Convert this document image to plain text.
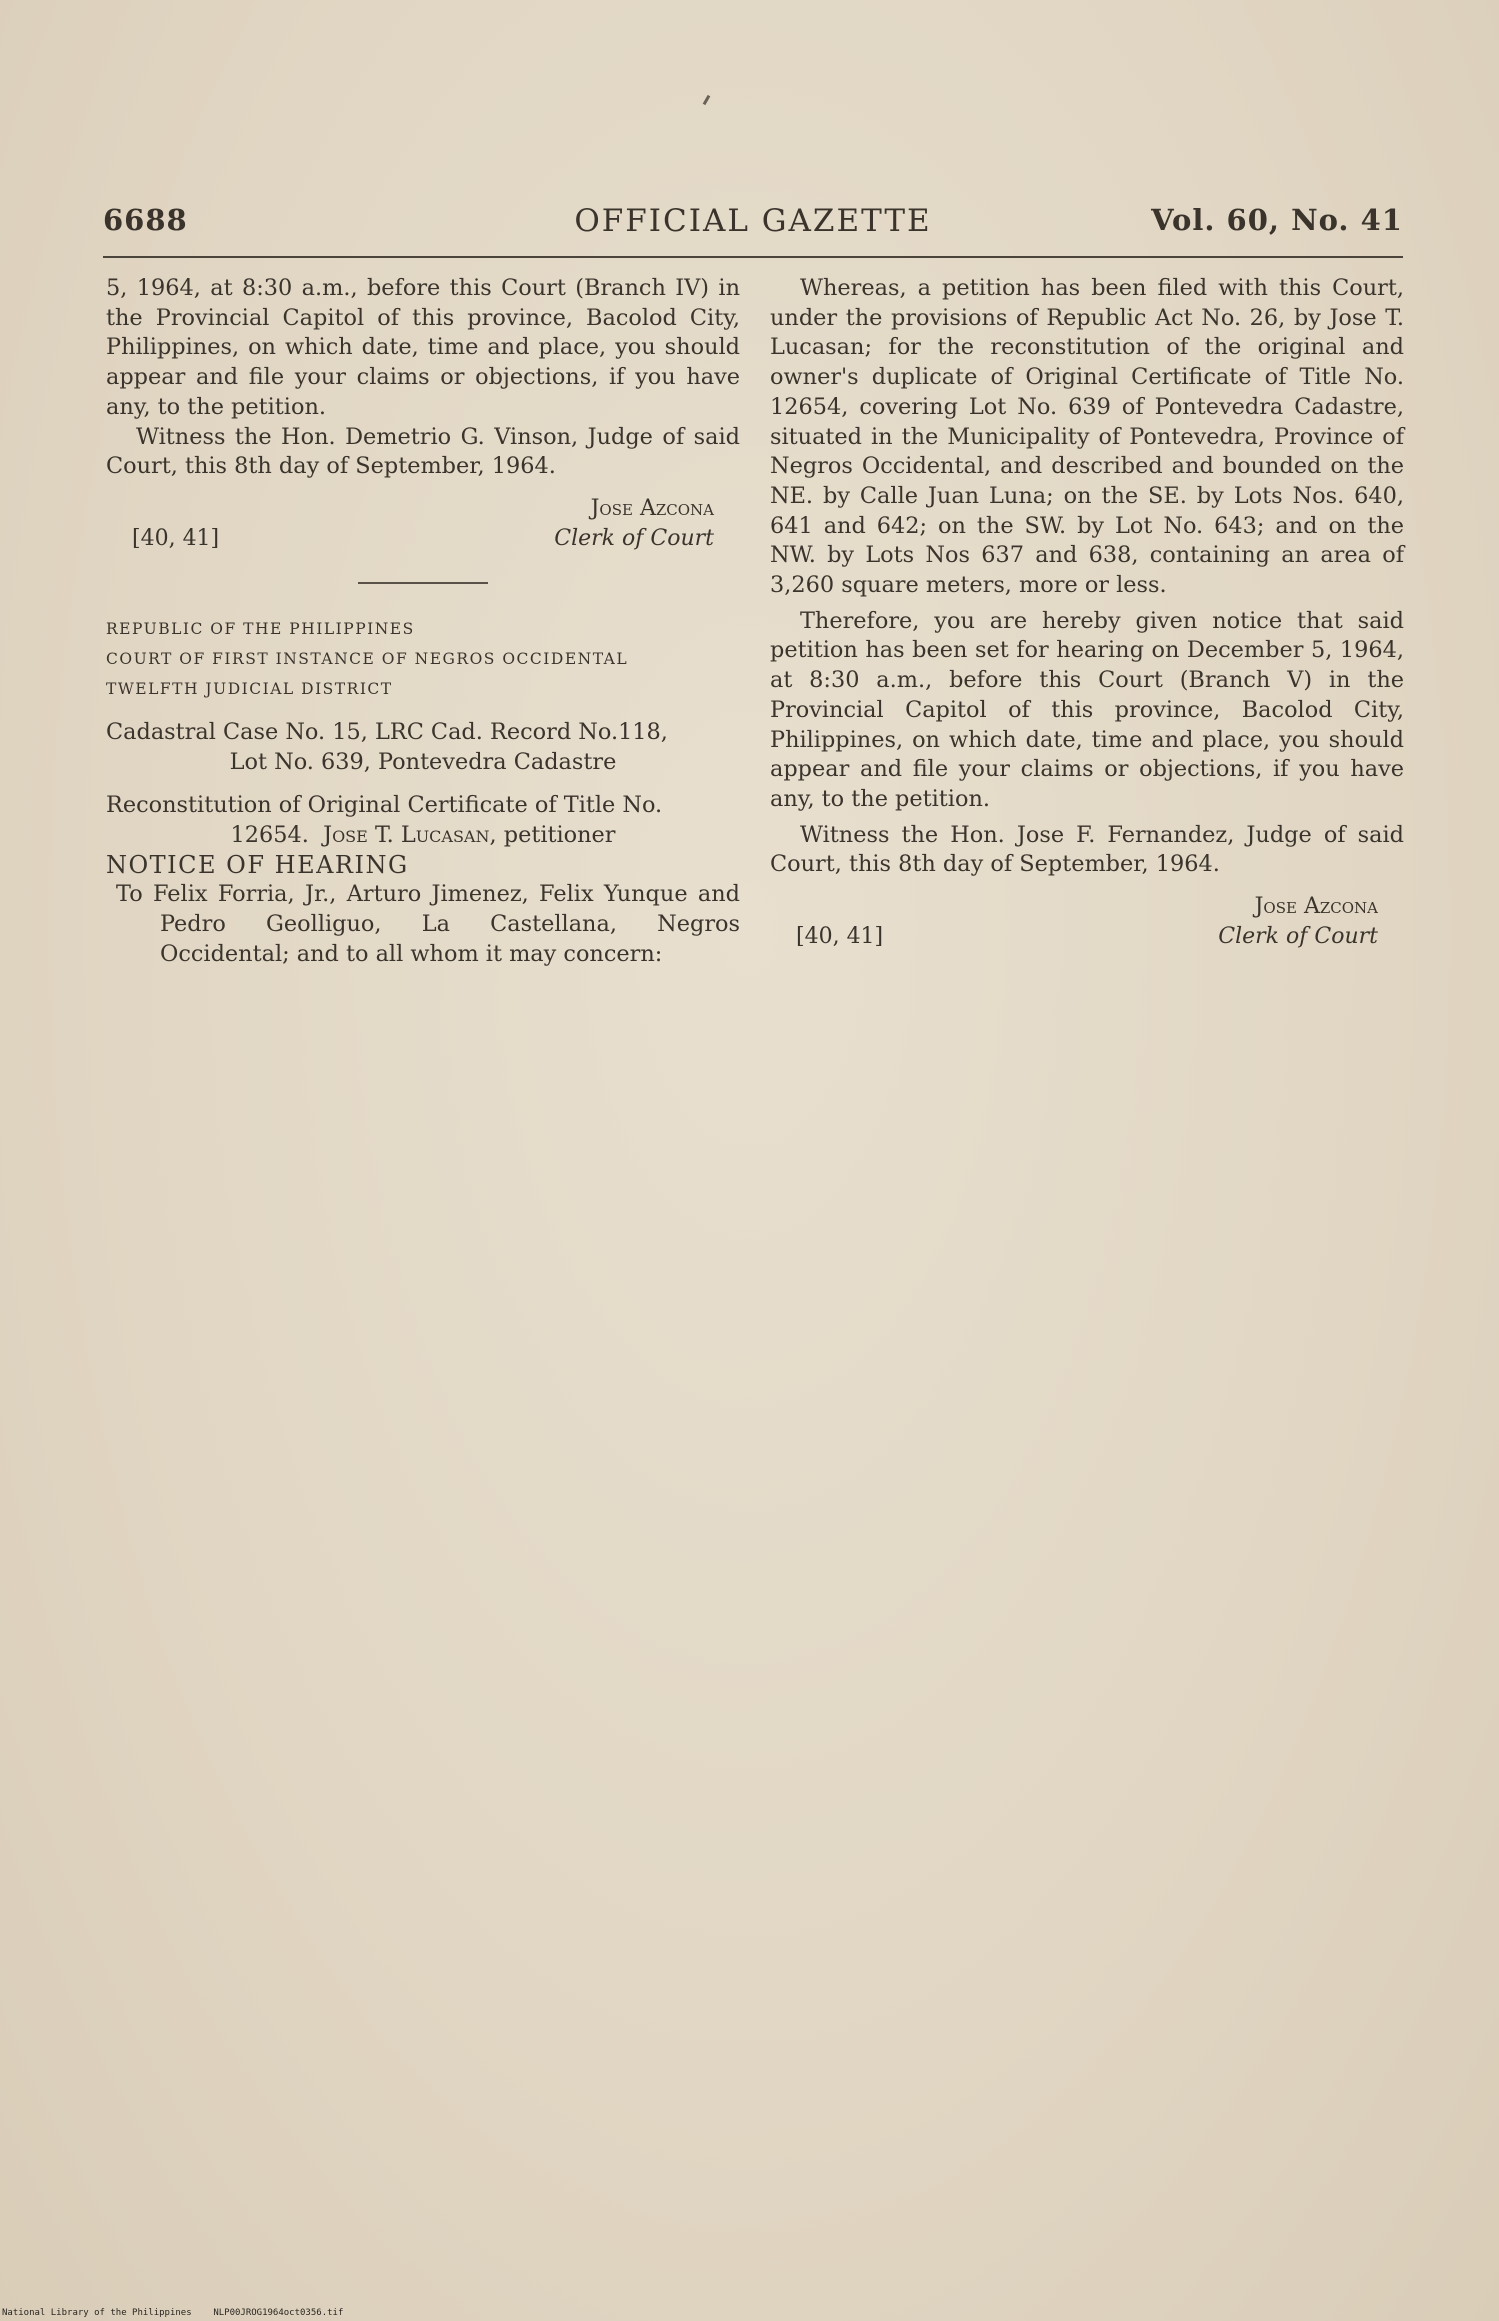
6688	OFFICIAL GAZETTE	Vol. 60, No. 41

5, 1964, at 8:30 a.m., before this Court (Branch IV) in the Provincial Capitol of this province, Bacolod City, Philippines, on which date, time and place, you should appear and file your claims or objections, if you have any, to the petition.

Witness the Hon. Demetrio G. Vinson, Judge of said Court, this 8th day of September, 1964.

Jose Azcona
Clerk of Court
[40, 41]

REPUBLIC OF THE PHILIPPINES

COURT OF FIRST INSTANCE OF NEGROS OCCIDENTAL

TWELFTH JUDICIAL DISTRICT

Cadastral Case No. 15, LRC Cad. Record No.118,

Lot No. 639, Pontevedra Cadastre

Reconstitution of Original Certificate of Title No.

12654. Jose T. Lucasan, petitioner

NOTICE OF HEARING

To Felix Forria, Jr., Arturo Jimenez, Felix Yunque and Pedro Geolliguo, La Castellana, Negros Occidental; and to all whom it may concern:

Whereas, a petition has been filed with this Court, under the provisions of Republic Act No. 26, by Jose T. Lucasan; for the reconstitution of the original and owner's duplicate of Original Certificate of Title No. 12654, covering Lot No. 639 of Pontevedra Cadastre, situated in the Municipality of Pontevedra, Province of Negros Occidental, and described and bounded on the NE. by Calle Juan Luna; on the SE. by Lots Nos. 640, 641 and 642; on the SW. by Lot No. 643; and on the NW. by Lots Nos 637 and 638, containing an area of 3,260 square meters, more or less.

Therefore, you are hereby given notice that said petition has been set for hearing on December 5, 1964, at 8:30 a.m., before this Court (Branch V) in the Provincial Capitol of this province, Bacolod City, Philippines, on which date, time and place, you should appear and file your claims or objections, if you have any, to the petition.

Witness the Hon. Jose F. Fernandez, Judge of said Court, this 8th day of September, 1964.

Jose Azcona
Clerk of Court
[40, 41]
National Library of the Philippines    NLP00JROG1964oct0356.tif
